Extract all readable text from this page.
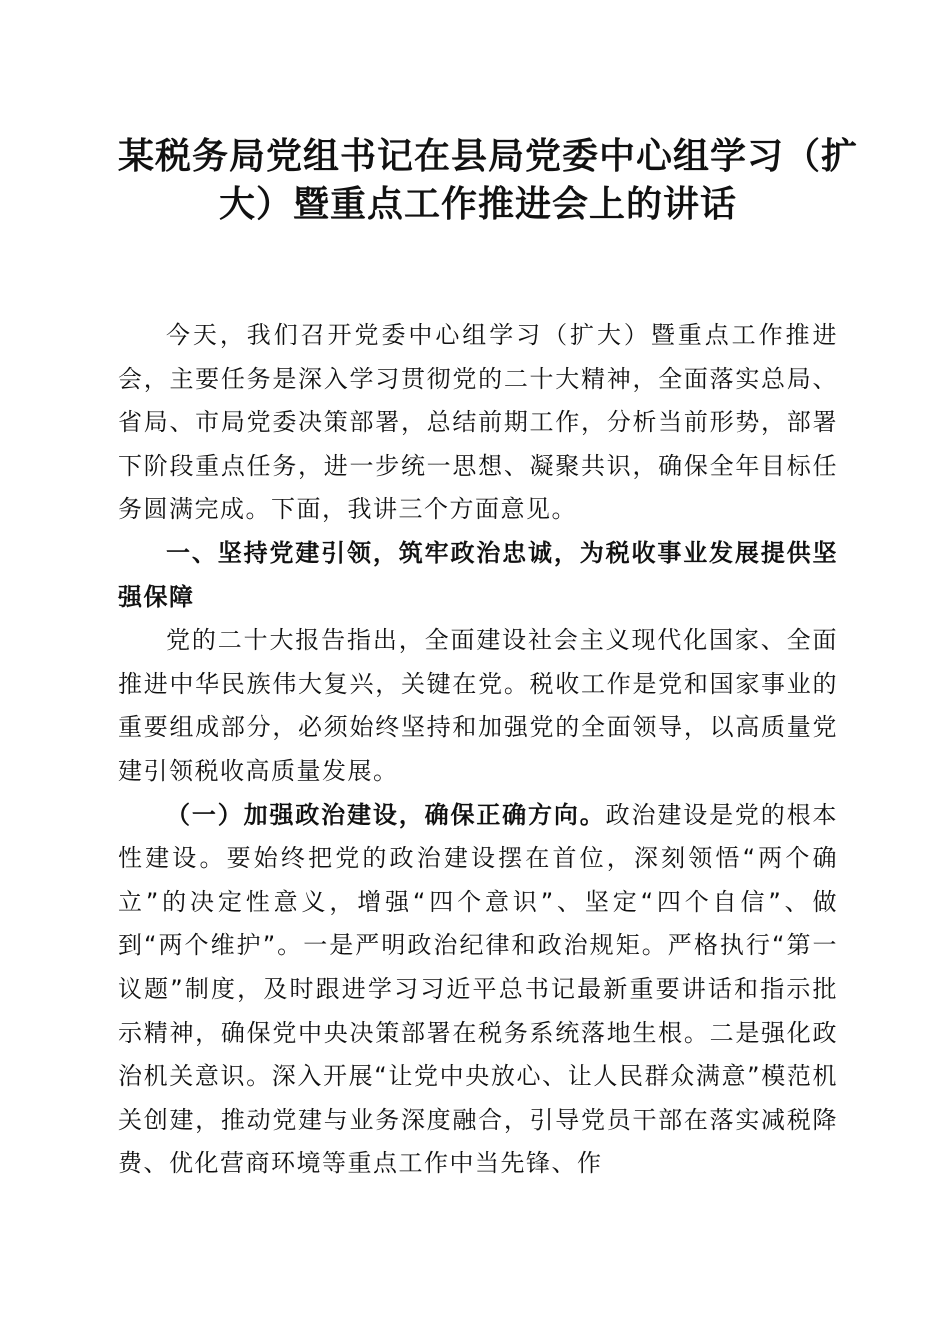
某税务局党组书记在县局党委中心组学习（扩
大）暨重点工作推进会上的讲话

今天，我们召开党委中心组学习（扩大）暨重点工作推进会，主要任务是深入学习贯彻党的二十大精神，全面落实总局、省局、市局党委决策部署，总结前期工作，分析当前形势，部署下阶段重点任务，进一步统一思想、凝聚共识，确保全年目标任务圆满完成。下面，我讲三个方面意见。

一、坚持党建引领，筑牢政治忠诚，为税收事业发展提供坚强保障

党的二十大报告指出，全面建设社会主义现代化国家、全面推进中华民族伟大复兴，关键在党。税收工作是党和国家事业的重要组成部分，必须始终坚持和加强党的全面领导，以高质量党建引领税收高质量发展。

（一）加强政治建设，确保正确方向。政治建设是党的根本性建设。要始终把党的政治建设摆在首位，深刻领悟“两个确立”的决定性意义，增强“四个意识”、坚定“四个自信”、做到“两个维护”。一是严明政治纪律和政治规矩。严格执行“第一议题”制度，及时跟进学习习近平总书记最新重要讲话和指示批示精神，确保党中央决策部署在税务系统落地生根。二是强化政治机关意识。深入开展“让党中央放心、让人民群众满意”模范机关创建，推动党建与业务深度融合，引导党员干部在落实减税降费、优化营商环境等重点工作中当先锋、作
